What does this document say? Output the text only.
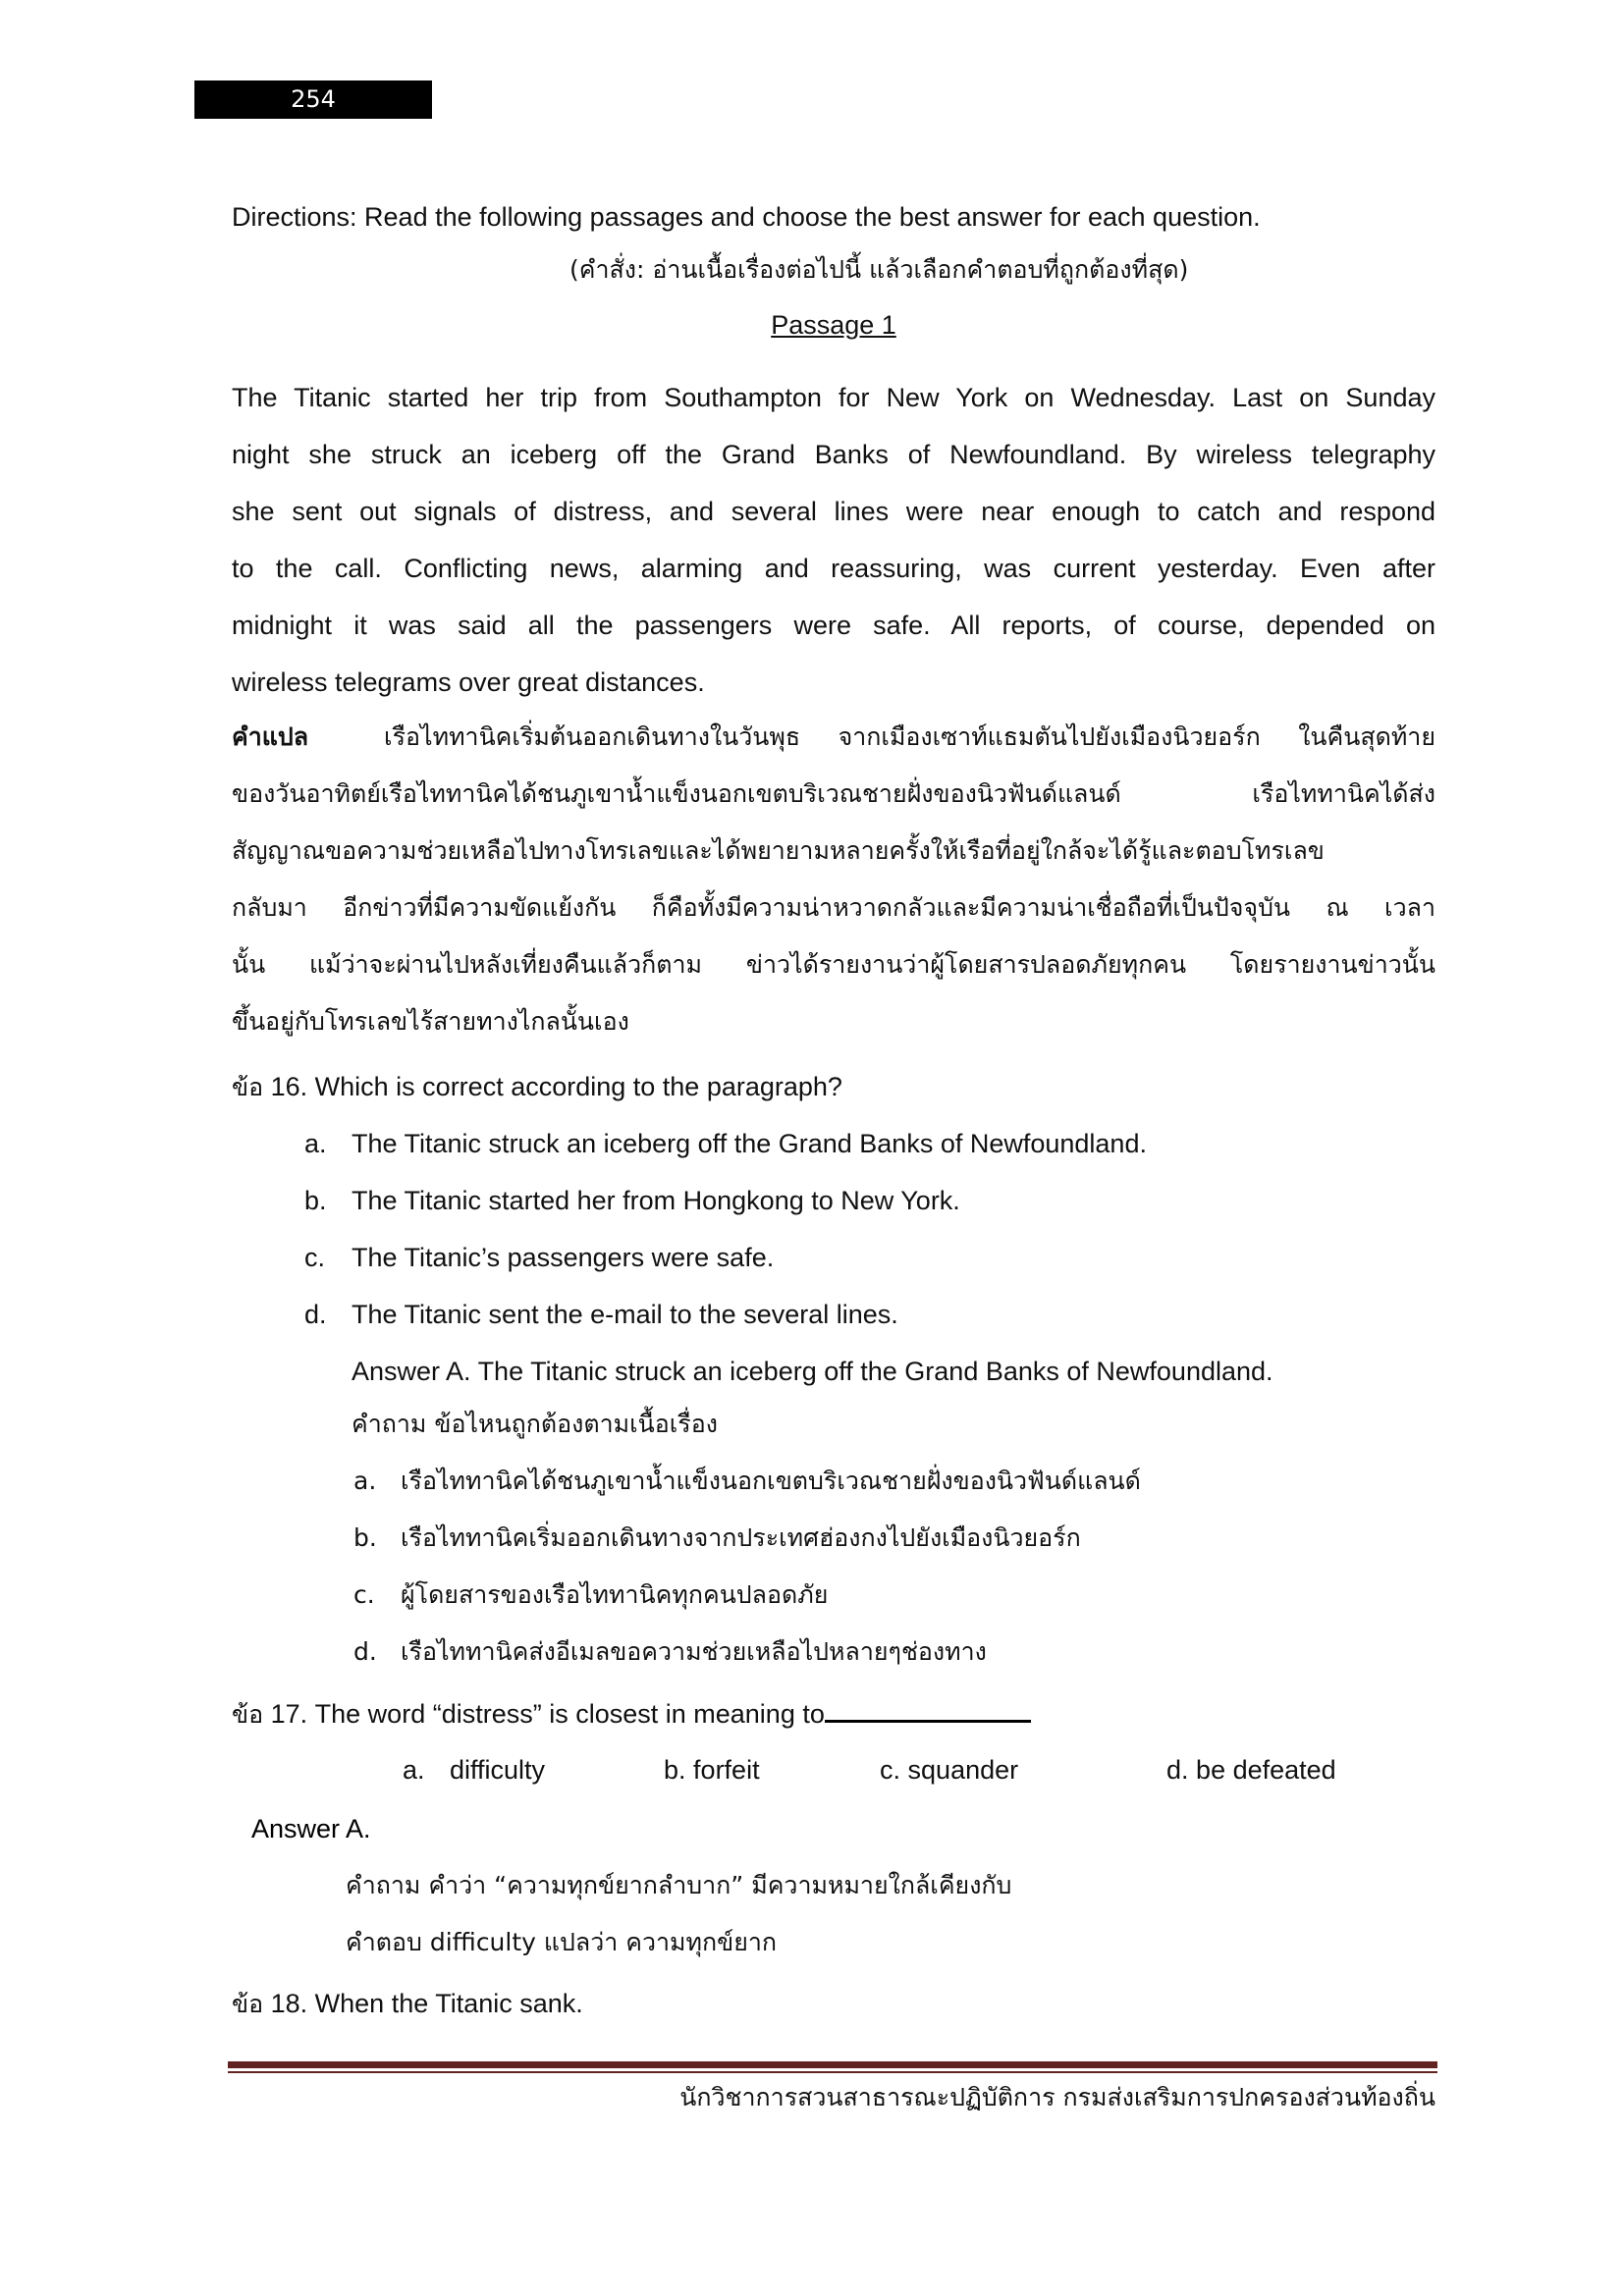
254
Directions: Read the following passages and choose the best answer for each question.
(คำสั่ง: อ่านเนื้อเรื่องต่อไปนี้ แล้วเลือกคำตอบที่ถูกต้องที่สุด)
Passage 1
The Titanic started her trip from Southampton for New York on Wednesday. Last on Sunday
night she struck an iceberg off the Grand Banks of Newfoundland. By wireless telegraphy
she sent out signals of distress, and several lines were near enough to catch and respond
to the call. Conflicting news, alarming and reassuring, was current yesterday. Even after
midnight it was said all the passengers were safe. All reports, of course, depended on
wireless telegrams over great distances.
คำแปล	เรือไททานิคเริ่มต้นออกเดินทางในวันพุธ จากเมืองเซาท์แธมตันไปยังเมืองนิวยอร์ก ในคืนสุดท้าย
ของวันอาทิตย์เรือไททานิคได้ชนภูเขาน้ำแข็งนอกเขตบริเวณชายฝั่งของนิวฟันด์แลนด์ เรือไททานิคได้ส่ง
สัญญาณขอความช่วยเหลือไปทางโทรเลขและได้พยายามหลายครั้งให้เรือที่อยู่ใกล้จะได้รู้และตอบโทรเลข
กลับมา อีกข่าวที่มีความขัดแย้งกัน ก็คือทั้งมีความน่าหวาดกลัวและมีความน่าเชื่อถือที่เป็นปัจจุบัน ณ เวลา
นั้น แม้ว่าจะผ่านไปหลังเที่ยงคืนแล้วก็ตาม ข่าวได้รายงานว่าผู้โดยสารปลอดภัยทุกคน โดยรายงานข่าวนั้น
ขึ้นอยู่กับโทรเลขไร้สายทางไกลนั้นเอง
ข้อ 16. Which is correct according to the paragraph?
a. The Titanic struck an iceberg off the Grand Banks of Newfoundland.
b. The Titanic started her from Hongkong to New York.
c. The Titanic’s passengers were safe.
d. The Titanic sent the e-mail to the several lines.
Answer A. The Titanic struck an iceberg off the Grand Banks of Newfoundland.
คำถาม ข้อไหนถูกต้องตามเนื้อเรื่อง
a. เรือไททานิคได้ชนภูเขาน้ำแข็งนอกเขตบริเวณชายฝั่งของนิวฟันด์แลนด์
b. เรือไททานิคเริ่มออกเดินทางจากประเทศฮ่องกงไปยังเมืองนิวยอร์ก
c. ผู้โดยสารของเรือไททานิคทุกคนปลอดภัย
d. เรือไททานิคส่งอีเมลขอความช่วยเหลือไปหลายๆช่องทาง
ข้อ 17. The word “distress” is closest in meaning to
a. difficulty	b. forfeit	c. squander	d. be defeated
Answer A.
คำถาม คำว่า “ความทุกข์ยากลำบาก” มีความหมายใกล้เคียงกับ
คำตอบ difficulty แปลว่า ความทุกข์ยาก
ข้อ 18. When the Titanic sank.
นักวิชาการสวนสาธารณะปฏิบัติการ กรมส่งเสริมการปกครองส่วนท้องถิ่น
